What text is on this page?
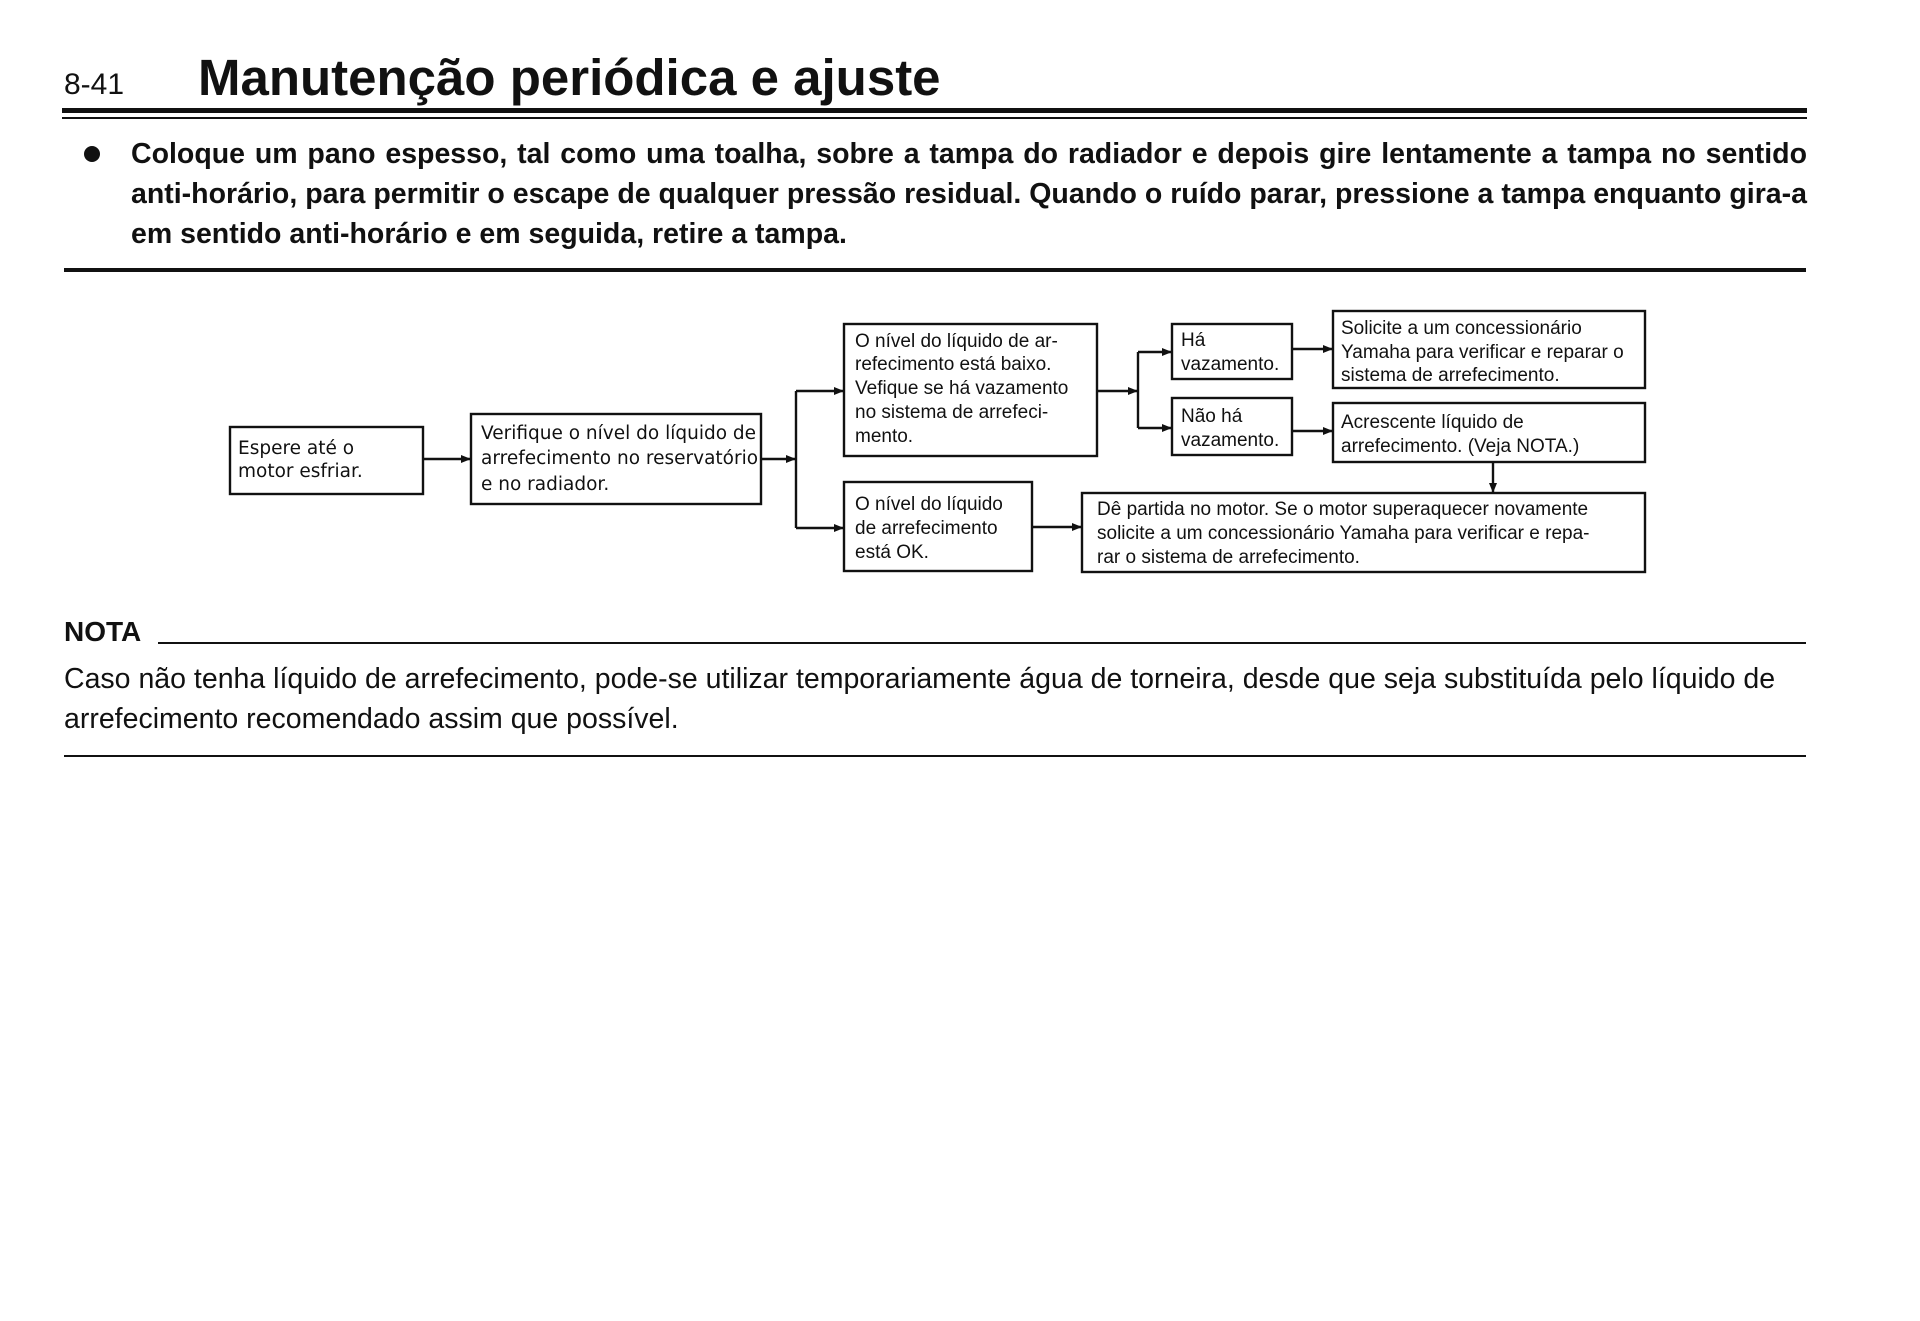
8-41 Manutenção periódica e ajuste
Coloque um pano espesso, tal como uma toalha, sobre a tampa do radiador e depois gire lentamente a tampa no sentido anti-horário, para permitir o escape de qualquer pressão residual. Quando o ruído parar, pressione a tampa enquanto gira-a em sentido anti-horário e em seguida, retire a tampa.
Espere até o motor esfriar.
Verifique o nível do líquido de arrefecimento no reservatório e no radiador.
O nível do líquido de ar- refecimento está baixo. Vefique se há vazamento no sistema de arrefeci- mento.
O nível do líquido de arrefecimento está OK.
Há vazamento.
Não há vazamento.
Solicite a um concessionário Yamaha para verificar e reparar o sistema de arrefecimento.
Acrescente líquido de arrefecimento. (Veja NOTA.)
Dê partida no motor. Se o motor superaquecer novamente solicite a um concessionário Yamaha para verificar e repa- rar o sistema de arrefecimento.
NOTA
Caso não tenha líquido de arrefecimento, pode-se utilizar temporariamente água de torneira, desde que seja substituída pelo líquido de arrefecimento recomendado assim que possível.
